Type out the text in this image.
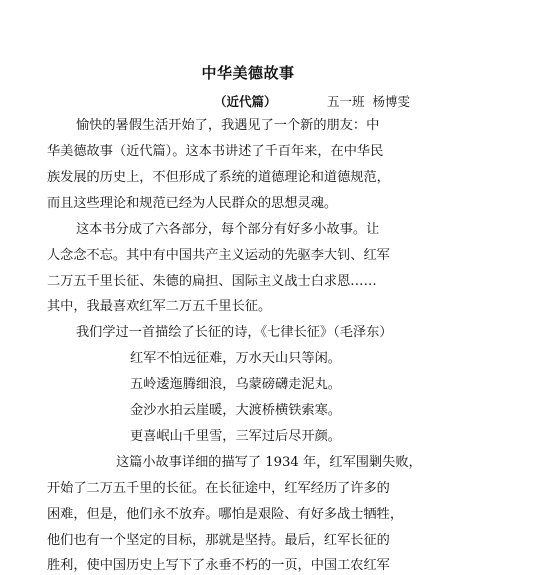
中华美德故事
（近代篇）	五一班  杨博雯
愉快的暑假生活开始了，我遇见了一个新的朋友：中
华美德故事（近代篇）。这本书讲述了千百年来，在中华民
族发展的历史上，不但形成了系统的道德理论和道德规范，
而且这些理论和规范已经为人民群众的思想灵魂。
这本书分成了六各部分，每个部分有好多小故事。让
人念念不忘。其中有中国共产主义运动的先驱李大钊、红军
二万五千里长征、朱德的扁担、国际主义战士白求恩……
其中，我最喜欢红军二万五千里长征。
我们学过一首描绘了长征的诗，《七律长征》（毛泽东）
红军不怕远征难，万水天山只等闲。
五岭逶迤腾细浪，乌蒙磅礴走泥丸。
金沙水拍云崖暖，大渡桥横铁索寒。
更喜岷山千里雪，三军过后尽开颜。
这篇小故事详细的描写了 1934 年，红军围剿失败，
开始了二万五千里的长征。在长征途中，红军经历了许多的
困难，但是，他们永不放弃。哪怕是艰险、有好多战士牺牲，
他们也有一个坚定的目标，那就是坚持。最后，红军长征的
胜利，使中国历史上写下了永垂不朽的一页，中国工农红军
